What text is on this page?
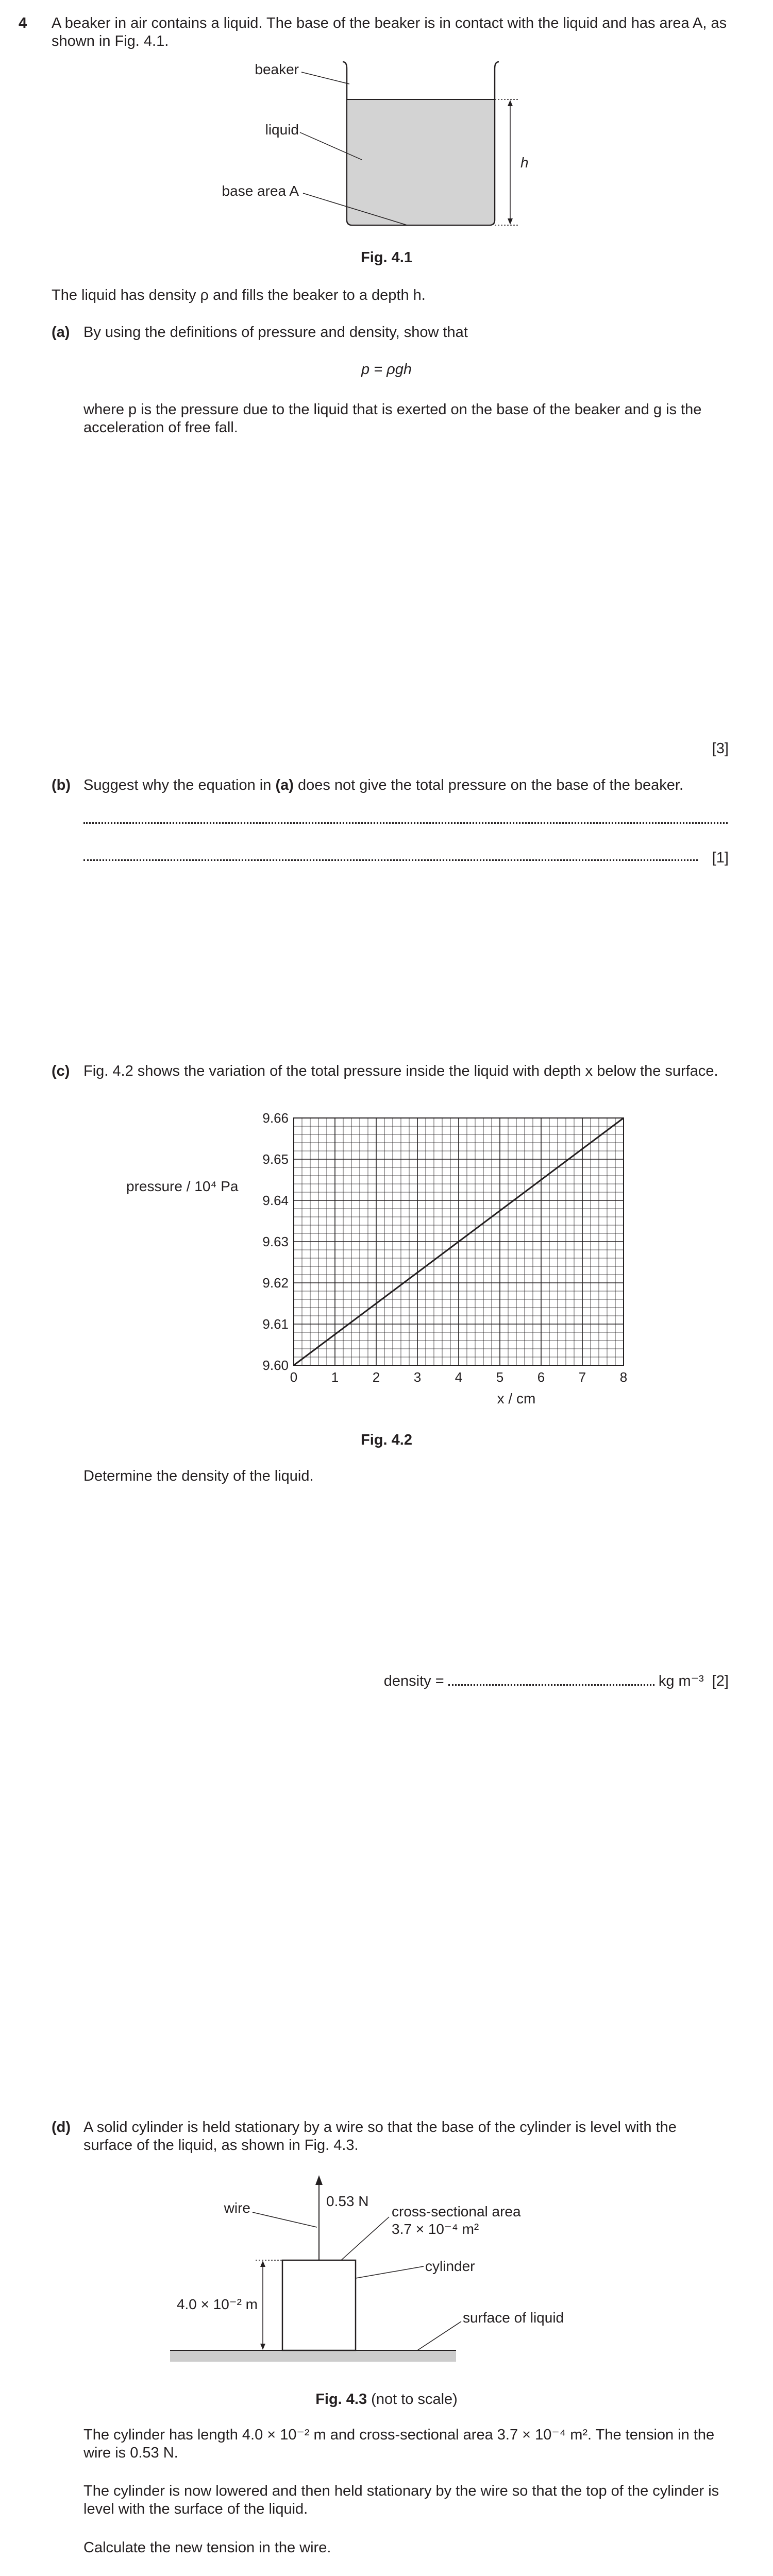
4 A beaker in air contains a liquid. The base of the beaker is in contact with the liquid and has area A, as shown in Fig. 4.1.
beaker
liquid
base area A
h
Fig. 4.1
The liquid has density ρ and fills the beaker to a depth h.
(a) By using the definitions of pressure and density, show that
p = ρgh
where p is the pressure due to the liquid that is exerted on the base of the beaker and g is the acceleration of free fall.
[3]
(b) Suggest why the equation in (a) does not give the total pressure on the base of the beaker.
[1]
(c) Fig. 4.2 shows the variation of the total pressure inside the liquid with depth x below the surface.
9.60
9.61
9.62
9.63
9.64
9.65
9.66
0	1	2	3	4	5	6	7	8
pressure / 10⁴ Pa
x / cm
Fig. 4.2
Determine the density of the liquid.
density =	kg m⁻³ [2]
(d) A solid cylinder is held stationary by a wire so that the base of the cylinder is level with the surface of the liquid, as shown in Fig. 4.3.
wire	0.53 N
cross-sectional area
3.7 × 10⁻⁴ m²
cylinder
surface of liquid
4.0 × 10⁻² m
Fig. 4.3 (not to scale)
The cylinder has length 4.0 × 10⁻² m and cross-sectional area 3.7 × 10⁻⁴ m². The tension in the wire is 0.53 N.
The cylinder is now lowered and then held stationary by the wire so that the top of the cylinder is level with the surface of the liquid.
Calculate the new tension in the wire.
